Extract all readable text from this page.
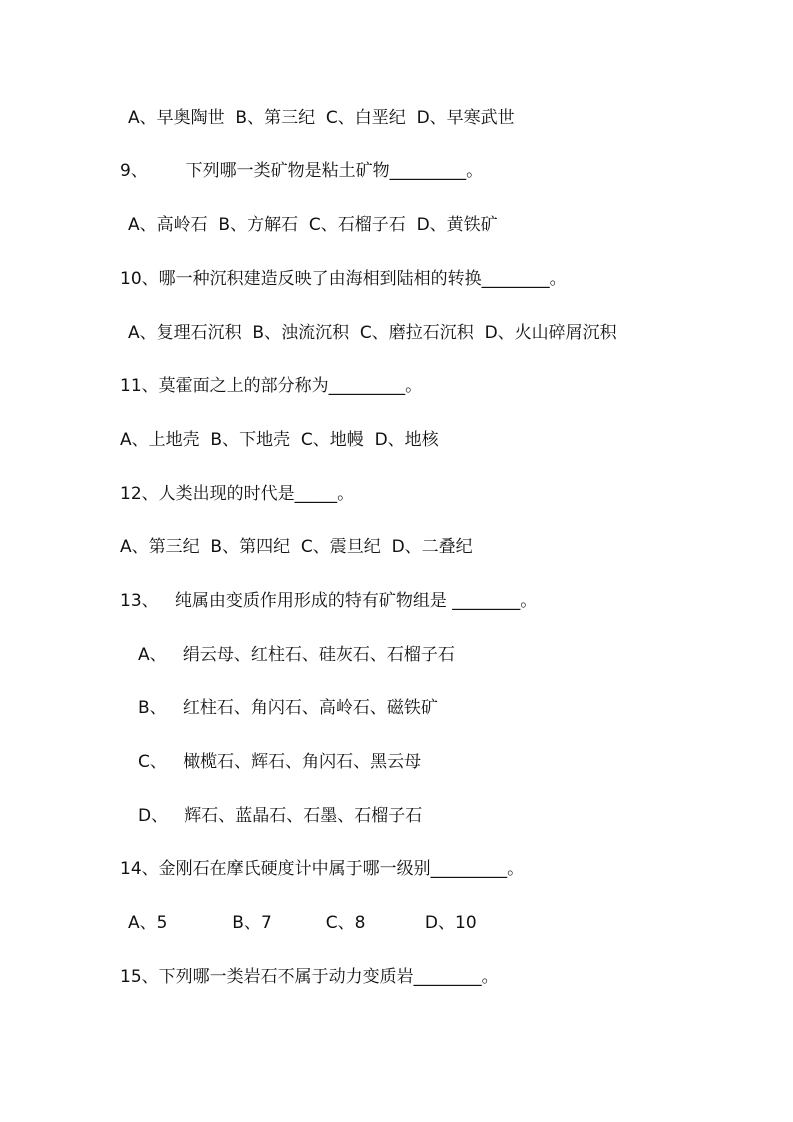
A、早奥陶世  B、第三纪  C、白垩纪  D、早寒武世
9、       下列哪一类矿物是粘土矿物_________。
A、高岭石  B、方解石  C、石榴子石  D、黄铁矿
10、哪一种沉积建造反映了由海相到陆相的转换________。
A、复理石沉积  B、浊流沉积  C、磨拉石沉积  D、火山碎屑沉积
11、莫霍面之上的部分称为_________。
A、上地壳  B、下地壳  C、地幔  D、地核
12、人类出现的时代是_____。
A、第三纪  B、第四纪  C、震旦纪  D、二叠纪
13、   纯属由变质作用形成的特有矿物组是 ________。
A、   绢云母、红柱石、硅灰石、石榴子石
B、   红柱石、角闪石、高岭石、磁铁矿
C、   橄榄石、辉石、角闪石、黑云母
D、   辉石、蓝晶石、石墨、石榴子石
14、金刚石在摩氏硬度计中属于哪一级别_________。
A、5            B、7          C、8           D、10
15、下列哪一类岩石不属于动力变质岩________。
